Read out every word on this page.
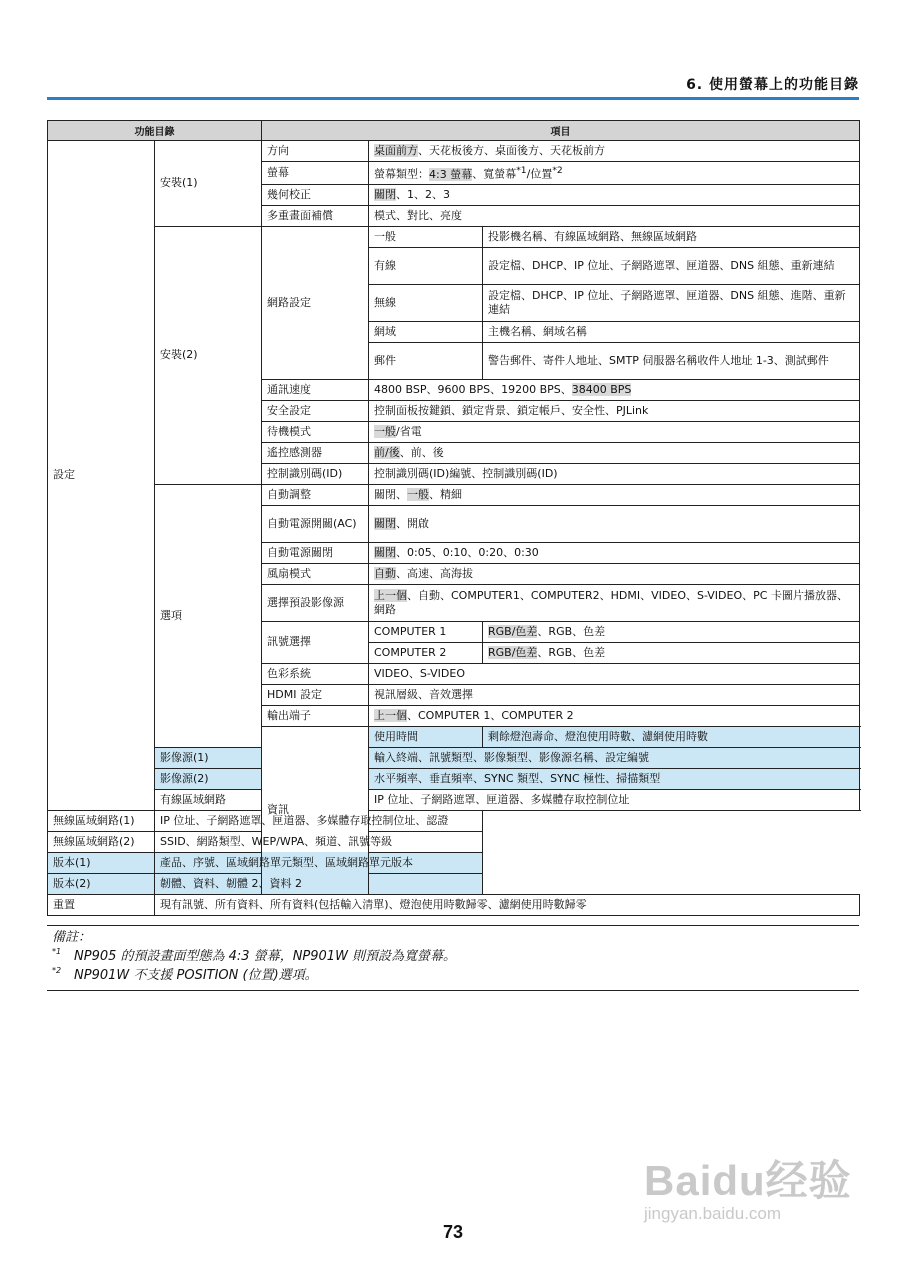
6. 使用螢幕上的功能目錄
功能目錄		項目		
設定	安裝(1)	方向	桌面前方、天花板後方、桌面後方、天花板前方	
		螢幕	螢幕類型：4:3 螢幕、寬螢幕$^{*1}$/位置$^{*2}$
		幾何校正	關閉、1、2、3	
		多重畫面補償	模式、對比、亮度	
	安裝(2)	網路設定	一般	投影機名稱、有線區域網路、無線區域網路
			有線	設定檔、DHCP、IP 位址、子網路遮罩、匣道器、DNS 組態、重新連結
			無線	設定檔、DHCP、IP 位址、子網路遮罩、匣道器、DNS 組態、進階、重新連結
			網域	主機名稱、網域名稱
			郵件	警告郵件、寄件人地址、SMTP 伺服器名稱收件人地址 1-3、測試郵件
		通訊速度	4800 BSP、9600 BPS、19200 BPS、38400 BPS	
		安全設定	控制面板按鍵鎖、鎖定背景、鎖定帳戶、安全性、PJLink	
		待機模式	一般/省電	
		遙控感測器	前/後、前、後	
		控制識別碼(ID)	控制識別碼(ID)編號、控制識別碼(ID)	
	選項	自動調整	關閉、一般、精細	
		自動電源開關(AC)	關閉、開啟	
		自動電源關閉	關閉、0:05、0:10、0:20、0:30	
		風扇模式	自動、高速、高海拔	
		選擇預設影像源	上一個、自動、COMPUTER1、COMPUTER2、HDMI、VIDEO、S-VIDEO、PC 卡圖片播放器、網路	
		訊號選擇	COMPUTER 1	RGB/色差、RGB、色差
			COMPUTER 2	RGB/色差、RGB、色差
		色彩系統	VIDEO、S-VIDEO	
		HDMI 設定	視訊層級、音效選擇	
		輸出端子	上一個、COMPUTER 1、COMPUTER 2	
		資訊	使用時間	剩餘燈泡壽命、燈泡使用時數、濾網使用時數
	影像源(1)		輸入終端、訊號類型、影像類型、影像源名稱、設定編號	
	影像源(2)		水平頻率、垂直頻率、SYNC 類型、SYNC 極性、掃描類型	
	有線區域網路		IP 位址、子網路遮罩、匣道器、多媒體存取控制位址	
無線區域網路(1)	IP 位址、子網路遮罩、匣道器、多媒體存取控制位址、認證			
無線區域網路(2)	SSID、網路類型、WEP/WPA、頻道、訊號等級			
版本(1)	產品、序號、區域網路單元類型、區域網路單元版本			
版本(2)	韌體、資料、韌體 2、資料 2			
重置	現有訊號、所有資料、所有資料(包括輸入清單)、燈泡使用時數歸零、濾網使用時數歸零			
備註：
*1 NP905 的預設畫面型態為 4:3 螢幕，NP901W 則預設為寬螢幕。
*2 NP901W 不支援 POSITION (位置)選項。
Baidu经验
jingyan.baidu.com
73
